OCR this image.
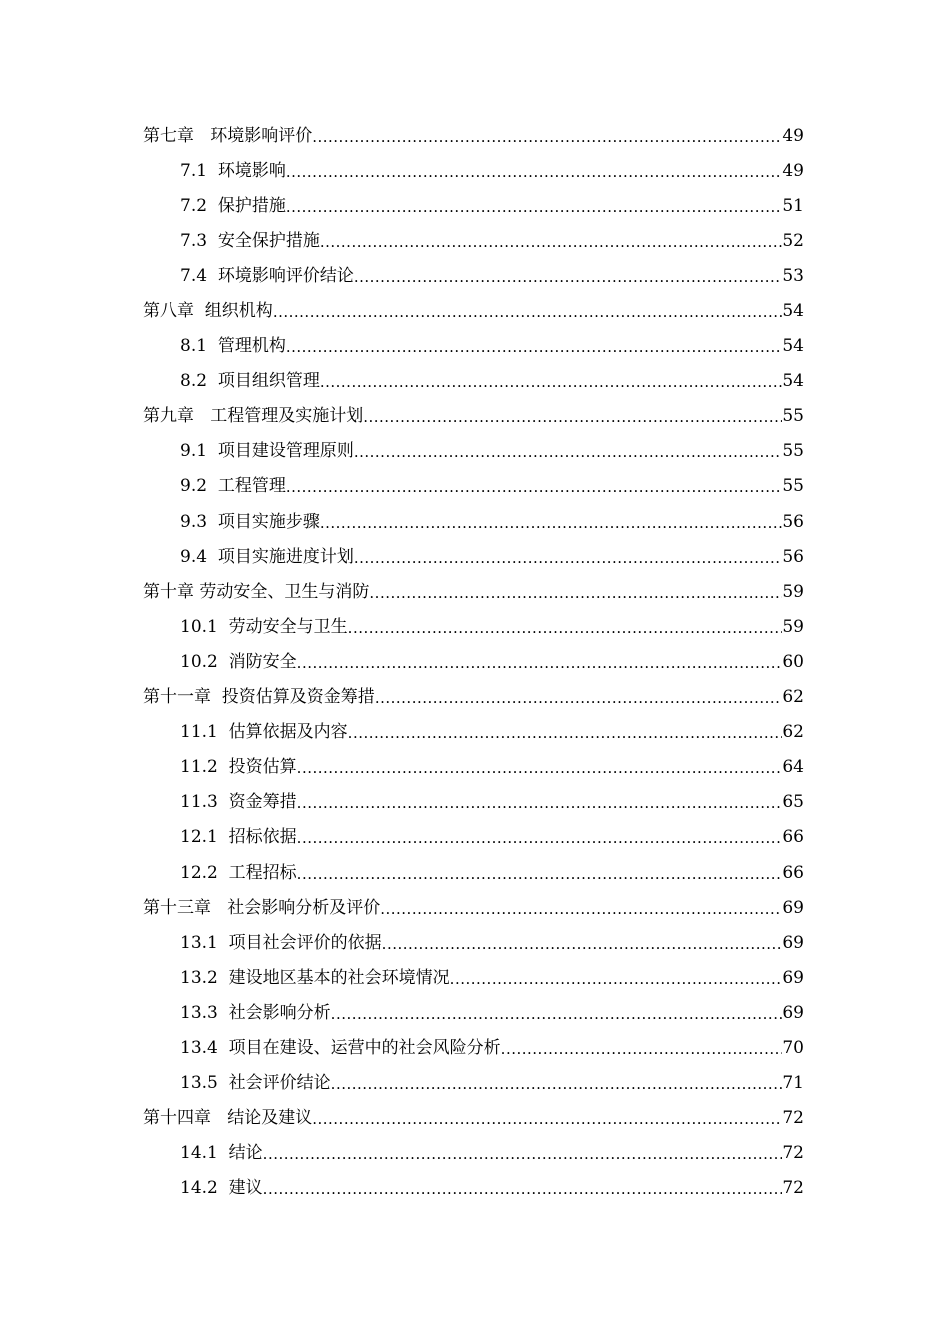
第七章   环境影响评价 .....	49
7.1  环境影响 .....	49
7.2  保护措施 .....	51
7.3  安全保护措施 .....	52
7.4  环境影响评价结论 .....	53
第八章  组织机构 .....	54
8.1  管理机构 .....	54
8.2  项目组织管理 .....	54
第九章   工程管理及实施计划 .....	55
9.1  项目建设管理原则 .....	55
9.2  工程管理 .....	55
9.3  项目实施步骤 .....	56
9.4  项目实施进度计划 .....	56
第十章 劳动安全、卫生与消防 .....	59
10.1  劳动安全与卫生 .....	59
10.2  消防安全 .....	60
第十一章  投资估算及资金筹措 .....	62
11.1  估算依据及内容 .....	62
11.2  投资估算 .....	64
11.3  资金筹措 .....	65
12.1  招标依据 .....	66
12.2  工程招标 .....	66
第十三章   社会影响分析及评价 .....	69
13.1  项目社会评价的依据 .....	69
13.2  建设地区基本的社会环境情况 .....	69
13.3  社会影响分析 .....	69
13.4  项目在建设、运营中的社会风险分析 .....	70
13.5  社会评价结论 .....	71
第十四章   结论及建议 .....	72
14.1  结论 .....	72
14.2  建议 .....	72
